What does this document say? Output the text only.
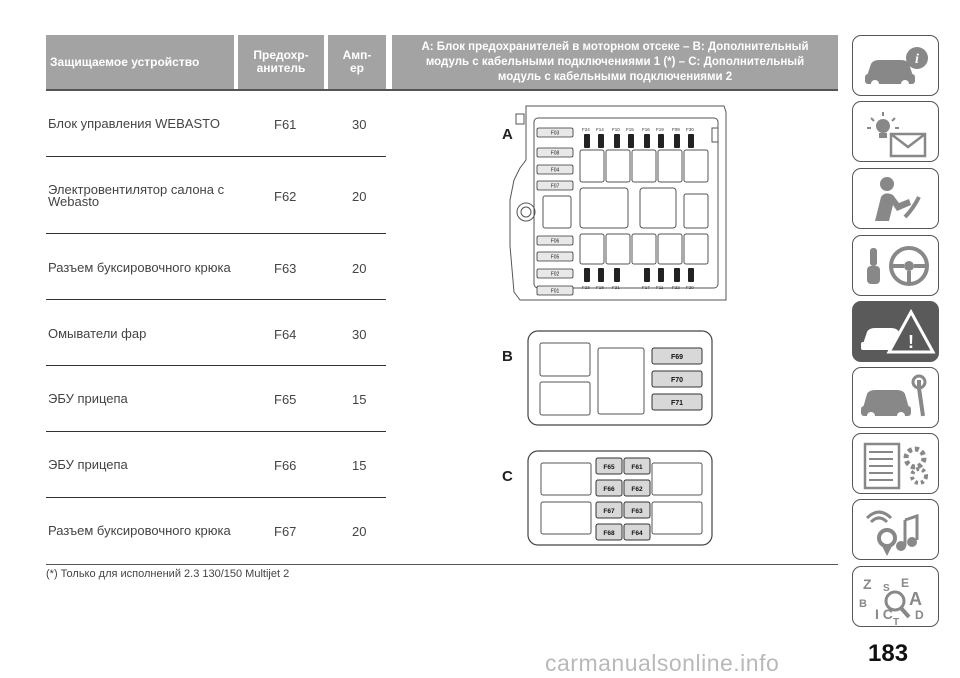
Защищаемое устройство	Предохр-анитель
Амп-ер
A: Блок предохранителей в моторном отсеке – B: Дополнительный
модуль с кабельными подключениями 1 (*) – C: Дополнительный
модуль с кабельными подключениями 2
Блок управления WEBASTO	F61	30
Электровентилятор салона с
Webasto	F62	20
Разъем буксировочного крюка	F63	20
Омыватели фар	F64	30
ЭБУ прицепа	F65	15
ЭБУ прицепа	F66	15
Разъем буксировочного крюка	F67	20
A
B
C
F24 F14 F10 F15 F16 F19 F09 F30
F23 F18 F21	F17 F11 F22 F20
F03
F08
F04
F07
F06
F05
F02
F01
F69
F70
F71
F65	F61
F66	F62
F67	F63
F68	F64
(*) Только для исполнений 2.3 130/150 Multijet 2
i
!
Z E
B
S
A
I C D
T
carmanualsonline.info	183
